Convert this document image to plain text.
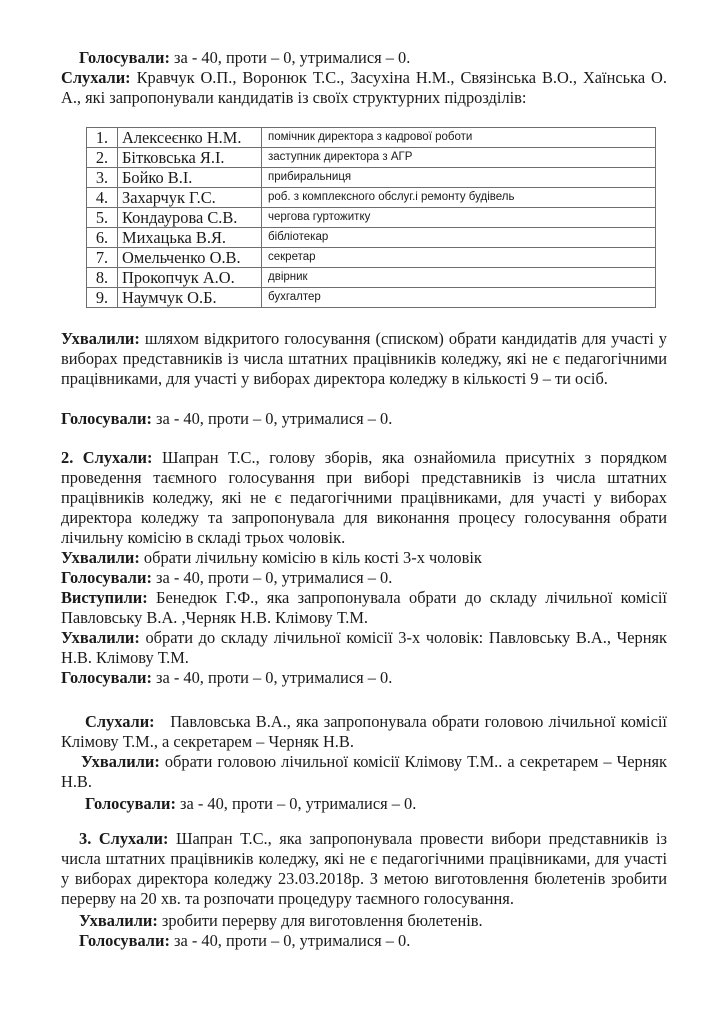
Голосували: за - 40, проти – 0, утрималися – 0.

Слухали: Кравчук О.П., Воронюк Т.С., Засухіна Н.М., Связінська В.О., Хаїнська О. А., які запропонували кандидатів із своїх структурних підрозділів:

1.	Алексеєнко Н.М.	помічник директора з кадрової роботи
2.	Бітковська Я.І.	заступник директора з АГР
3.	Бойко В.І.	прибиральниця
4.	Захарчук Г.С.	роб. з комплексного обслуг.і ремонту будівель
5.	Кондаурова С.В.	чергова гуртожитку
6.	Михацька В.Я.	бібліотекар
7.	Омельченко О.В.	секретар
8.	Прокопчук А.О.	двірник
9.	Наумчук О.Б.	бухгалтер

Ухвалили: шляхом відкритого голосування (списком) обрати кандидатів для участі у виборах представників із числа штатних працівників коледжу, які не є педагогічними працівниками, для участі у виборах директора коледжу в кількості 9 – ти осіб.

Голосували: за - 40, проти – 0, утрималися – 0.

2. Слухали: Шапран Т.С., голову зборів, яка ознайомила присутніх з порядком проведення таємного голосування при виборі представників із числа штатних працівників коледжу, які не є педагогічними працівниками, для участі у виборах директора коледжу та запропонувала для виконання процесу голосування обрати лічильну комісію в складі трьох чоловік.

Ухвалили: обрати лічильну комісію в кіль кості 3-х чоловік

Голосували: за - 40, проти – 0, утрималися – 0.

Виступили: Бенедюк Г.Ф., яка запропонувала обрати до складу лічильної комісії Павловську В.А. ,Черняк Н.В. Клімову Т.М.

Ухвалили: обрати до складу лічильної комісії 3-х чоловік: Павловську В.А., Черняк Н.В. Клімову Т.М.

Голосували: за - 40, проти – 0, утрималися – 0.

Слухали: Павловська В.А., яка запропонувала обрати головою лічильної комісії Клімову Т.М., а секретарем – Черняк Н.В.

Ухвалили: обрати головою лічильної комісії Клімову Т.М.. а секретарем – Черняк Н.В.

Голосували: за - 40, проти – 0, утрималися – 0.

3. Слухали: Шапран Т.С., яка запропонувала провести вибори представників із числа штатних працівників коледжу, які не є педагогічними працівниками, для участі у виборах директора коледжу 23.03.2018р. З метою виготовлення бюлетенів зробити перерву на 20 хв. та розпочати процедуру таємного голосування.

Ухвалили: зробити перерву для виготовлення бюлетенів.

Голосували: за - 40, проти – 0, утрималися – 0.
